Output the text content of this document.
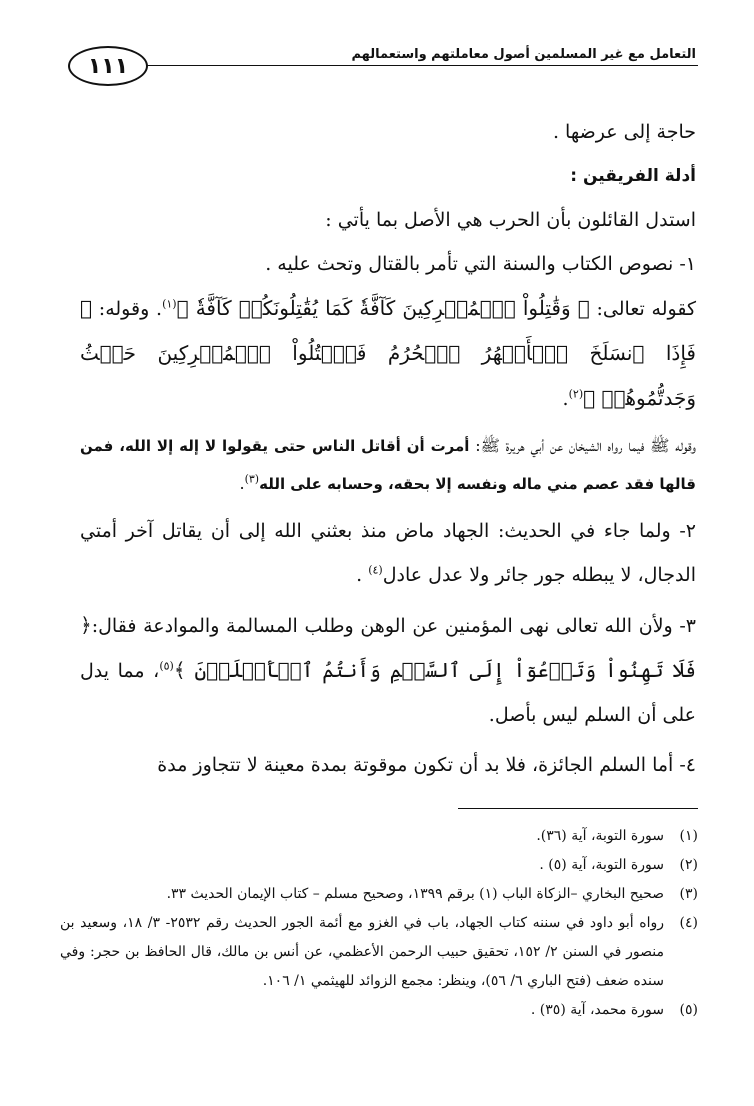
١١١	التعامل مع غير المسلمين أصول معاملتهم واستعمالهم

حاجة إلى عرضها .

أدلة الفريقين :

استدل القائلون بأن الحرب هي الأصل بما يأتي :

١- نصوص الكتاب والسنة التي تأمر بالقتال وتحث عليه .

كقوله تعالى: ﴿ وَقَٰتِلُواْ ٱلۡمُشۡرِكِينَ كَآفَّةٗ كَمَا يُقَٰتِلُونَكُمۡ كَآفَّةٗ ﴾$^{(١)}$. وقوله: ﴿ فَإِذَا ٱنسَلَخَ ٱلۡأَشۡهُرُ ٱلۡحُرُمُ فَٱقۡتُلُواْ ٱلۡمُشۡرِكِينَ حَيۡثُ وَجَدتُّمُوهُمۡ ﴾$^{(٢)}$.

وقوله ﷺ فيما رواه الشيخان عن أبي هريرة ﷺ: أمرت أن أقاتل الناس حتى يقولوا لا إله إلا الله، فمن قالها فقد عصم مني ماله ونفسه إلا بحقه، وحسابه على الله$^{(٣)}$.

٢- ولما جاء في الحديث: الجهاد ماض منذ بعثني الله إلى أن يقاتل آخر أمتي الدجال، لا يبطله جور جائر ولا عدل عادل$^{(٤)}$ .

٣- ولأن الله تعالى نهى المؤمنين عن الوهن وطلب المسالمة والموادعة فقال:﴿ فَلَا تَهِنُواْ وَتَدۡعُوٓاْ إِلَى ٱلسَّلۡمِ وَأَنتُمُ ٱلۡأَعۡلَوۡنَ ﴾$^{(٥)}$، مما يدل على أن السلم ليس بأصل.

٤- أما السلم الجائزة، فلا بد أن تكون موقوتة بمدة معينة لا تتجاوز مدة

(١)
سورة التوبة، آية (٣٦).
(٢)
سورة التوبة، آية (٥) .
(٣)
صحيح البخاري –الزكاة الباب (١) برقم ١٣٩٩، وصحيح مسلم – كتاب الإيمان الحديث ٣٣.
(٤)
رواه أبو داود في سننه كتاب الجهاد، باب في الغزو مع أئمة الجور الحديث رقم ٢٥٣٢- ٣/ ١٨، وسعيد بن منصور في السنن ٢/ ١٥٢، تحقيق حبيب الرحمن الأعظمي، عن أنس بن مالك، قال الحافظ بن حجر: وفي سنده ضعف (فتح الباري ٦/ ٥٦)، وينظر: مجمع الزوائد للهيثمي ١/ ١٠٦.
(٥)
سورة محمد، آية (٣٥) .
